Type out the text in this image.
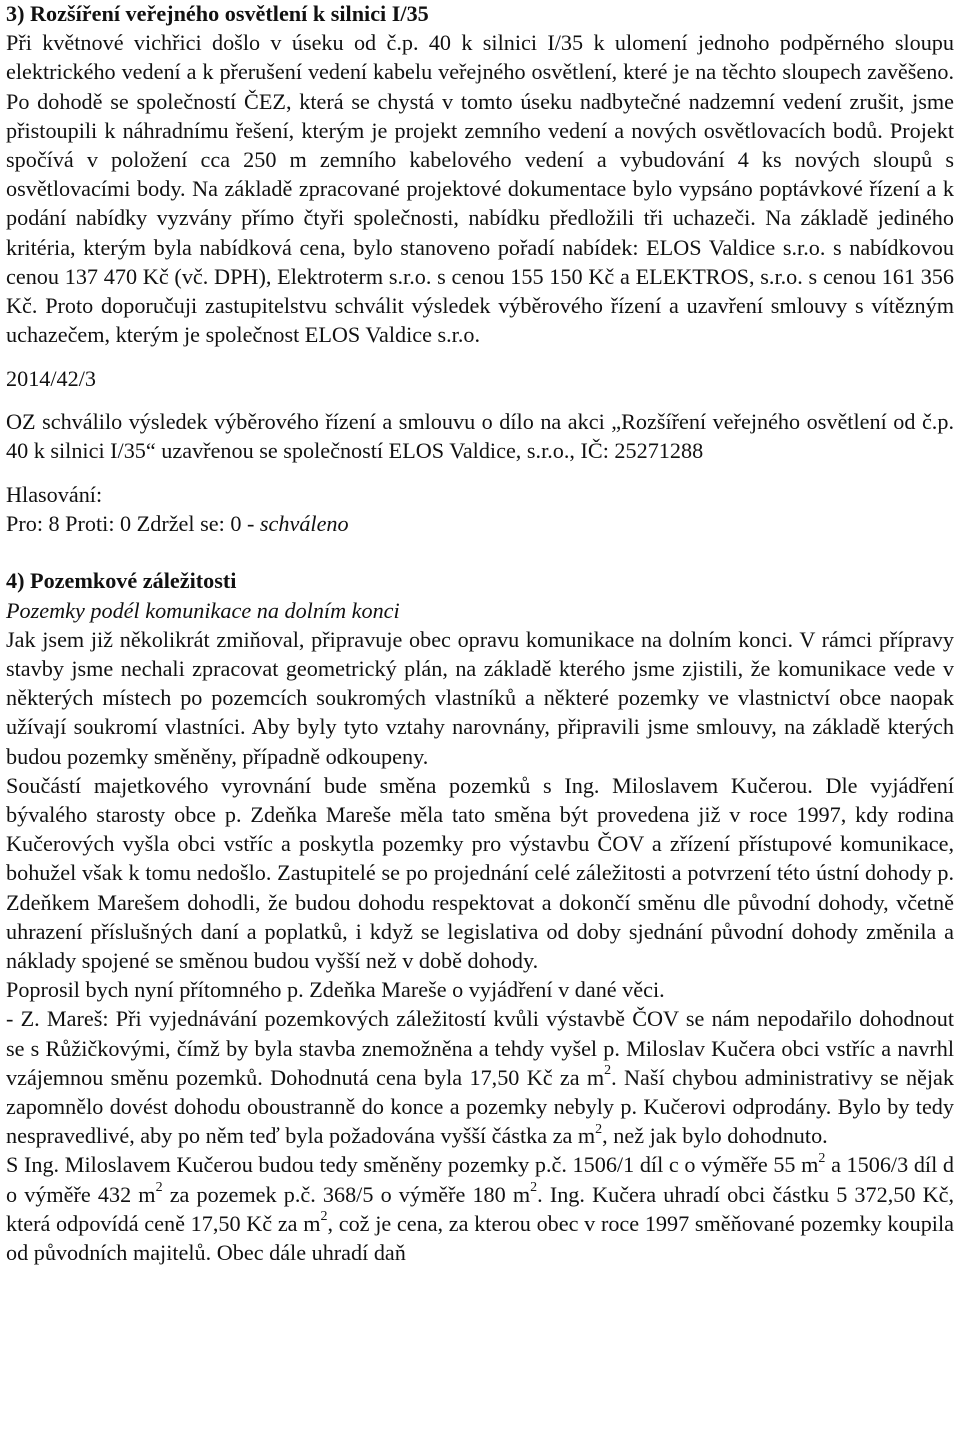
3) Rozšíření veřejného osvětlení k silnici I/35

Při květnové vichřici došlo v úseku od č.p. 40 k silnici I/35 k ulomení jednoho podpěrného sloupu elektrického vedení a k přerušení vedení kabelu veřejného osvětlení, které je na těchto sloupech zavěšeno. Po dohodě se společností ČEZ, která se chystá v tomto úseku nadbytečné nadzemní vedení zrušit, jsme přistoupili k náhradnímu řešení, kterým je projekt zemního vedení a nových osvětlovacích bodů. Projekt spočívá v položení cca 250 m zemního kabelového vedení a vybudování 4 ks nových sloupů s osvětlovacími body. Na základě zpracované projektové dokumentace bylo vypsáno poptávkové řízení a k podání nabídky vyzvány přímo čtyři společnosti, nabídku předložili tři uchazeči. Na základě jediného kritéria, kterým byla nabídková cena, bylo stanoveno pořadí nabídek: ELOS Valdice s.r.o. s nabídkovou cenou 137 470 Kč (vč. DPH), Elektroterm s.r.o. s cenou 155 150 Kč a ELEKTROS, s.r.o. s cenou 161 356 Kč. Proto doporučuji zastupitelstvu schválit výsledek výběrového řízení a uzavření smlouvy s vítězným uchazečem, kterým je společnost ELOS Valdice s.r.o.

2014/42/3

OZ schválilo výsledek výběrového řízení a smlouvu o dílo na akci „Rozšíření veřejného osvětlení od č.p. 40 k silnici I/35“ uzavřenou se společností ELOS Valdice, s.r.o., IČ: 25271288

Hlasování:

Pro: 8 Proti: 0 Zdržel se: 0 - schváleno

4) Pozemkové záležitosti

Pozemky podél komunikace na dolním konci

Jak jsem již několikrát zmiňoval, připravuje obec opravu komunikace na dolním konci. V rámci přípravy stavby jsme nechali zpracovat geometrický plán, na základě kterého jsme zjistili, že komunikace vede v některých místech po pozemcích soukromých vlastníků a některé pozemky ve vlastnictví obce naopak užívají soukromí vlastníci. Aby byly tyto vztahy narovnány, připravili jsme smlouvy, na základě kterých budou pozemky směněny, případně odkoupeny.

Součástí majetkového vyrovnání bude směna pozemků s Ing. Miloslavem Kučerou. Dle vyjádření bývalého starosty obce p. Zdeňka Mareše měla tato směna být provedena již v roce 1997, kdy rodina Kučerových vyšla obci vstříc a poskytla pozemky pro výstavbu ČOV a zřízení přístupové komunikace, bohužel však k tomu nedošlo. Zastupitelé se po projednání celé záležitosti a potvrzení této ústní dohody p. Zdeňkem Marešem dohodli, že budou dohodu respektovat a dokončí směnu dle původní dohody, včetně uhrazení příslušných daní a poplatků, i když se legislativa od doby sjednání původní dohody změnila a náklady spojené se směnou budou vyšší než v době dohody.

Poprosil bych nyní přítomného p. Zdeňka Mareše o vyjádření v dané věci.

- Z. Mareš: Při vyjednávání pozemkových záležitostí kvůli výstavbě ČOV se nám nepodařilo dohodnout se s Růžičkovými, čímž by byla stavba znemožněna a tehdy vyšel p. Miloslav Kučera obci vstříc a navrhl vzájemnou směnu pozemků. Dohodnutá cena byla 17,50 Kč za $m^2$. Naší chybou administrativy se nějak zapomnělo dovést dohodu oboustranně do konce a pozemky nebyly p. Kučerovi odprodány. Bylo by tedy nespravedlivé, aby po něm teď byla požadována vyšší částka za $m^2$, než jak bylo dohodnuto.

S Ing. Miloslavem Kučerou budou tedy směněny pozemky p.č. 1506/1 díl c o výměře 55 $m^2$ a 1506/3 díl d o výměře 432 $m^2$ za pozemek p.č. 368/5 o výměře 180 $m^2$. Ing. Kučera uhradí obci částku 5 372,50 Kč, která odpovídá ceně 17,50 Kč za $m^2$, což je cena, za kterou obec v roce 1997 směňované pozemky koupila od původních majitelů. Obec dále uhradí daň
